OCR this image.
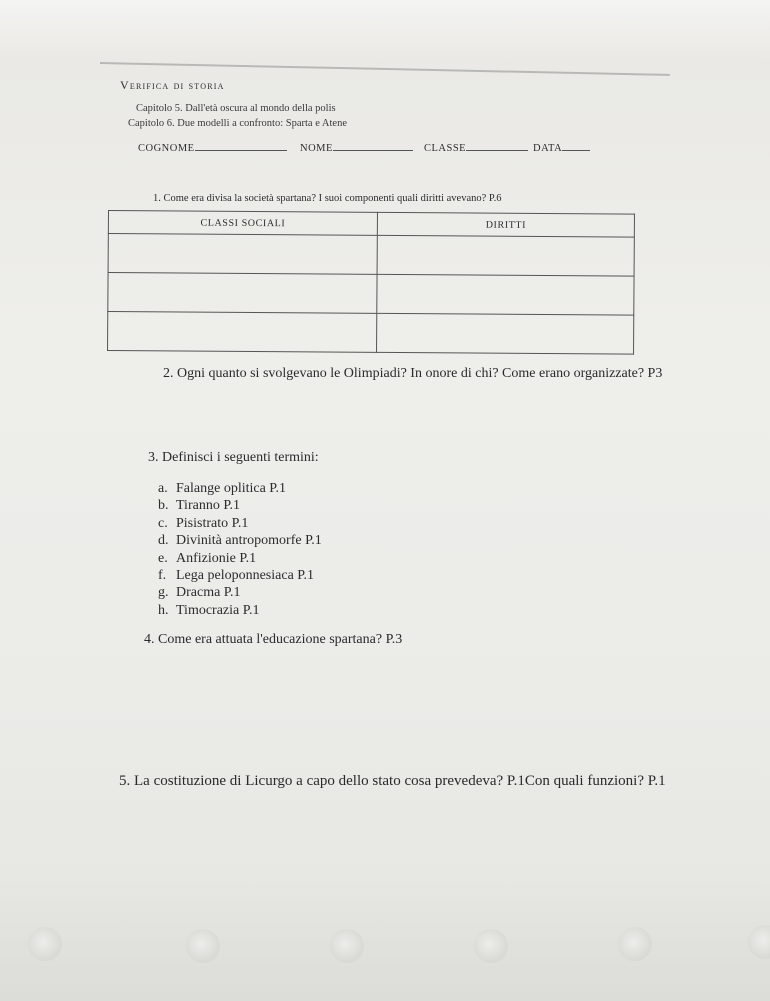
Verifica di storia
Capitolo 5. Dall'età oscura al mondo della polis
Capitolo 6. Due modelli a confronto: Sparta e Atene
COGNOME	NOME	CLASSE	DATA
1. Come era divisa la società spartana? I suoi componenti quali diritti avevano? P.6
CLASSI SOCIALI	DIRITTI

2. Ogni quanto si svolgevano le Olimpiadi? In onore di chi? Come erano organizzate? P3
3. Definisci i seguenti termini:
a. Falange oplitica P.1
b. Tiranno P.1
c. Pisistrato P.1
d. Divinità antropomorfe P.1
e. Anfizionie P.1
f. Lega peloponnesiaca P.1
g. Dracma P.1
h. Timocrazia P.1
4. Come era attuata l'educazione spartana? P.3
5. La costituzione di Licurgo a capo dello stato cosa prevedeva? P.1Con quali funzioni? P.1
